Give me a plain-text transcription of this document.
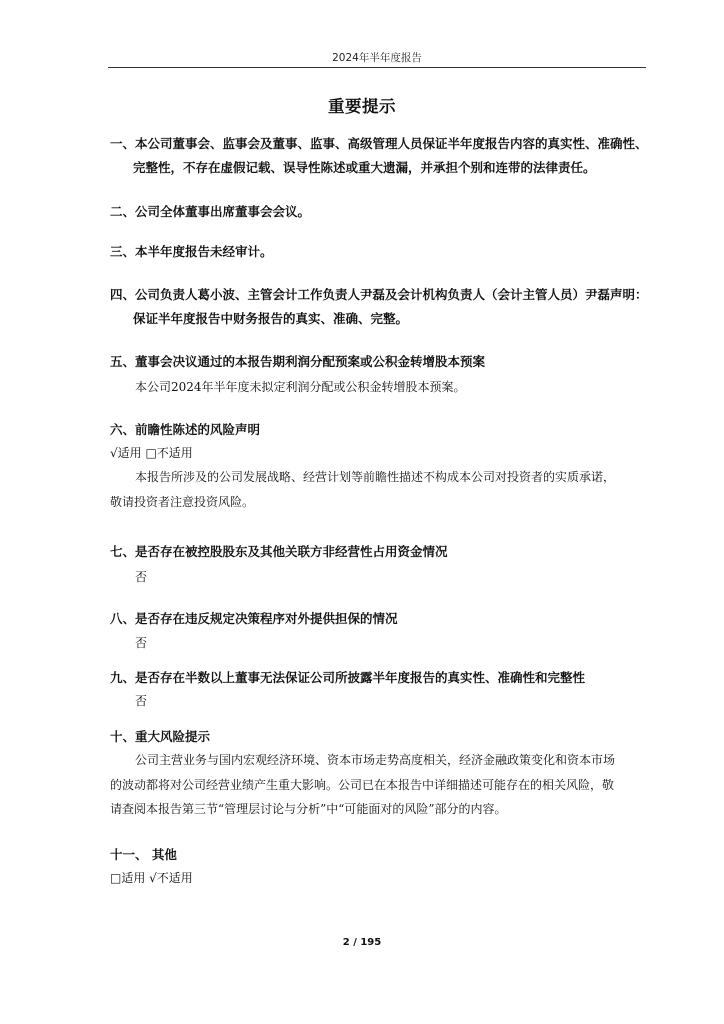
2024年半年度报告
重要提示
一、本公司董事会、监事会及董事、监事、高级管理人员保证半年度报告内容的真实性、准确性、
完整性，不存在虚假记载、误导性陈述或重大遗漏，并承担个别和连带的法律责任。
二、公司全体董事出席董事会会议。
三、本半年度报告未经审计。
四、公司负责人葛小波、主管会计工作负责人尹磊及会计机构负责人（会计主管人员）尹磊声明：
保证半年度报告中财务报告的真实、准确、完整。
五、董事会决议通过的本报告期利润分配预案或公积金转增股本预案
本公司2024年半年度未拟定利润分配或公积金转增股本预案。
六、前瞻性陈述的风险声明
√适用 □不适用
本报告所涉及的公司发展战略、经营计划等前瞻性描述不构成本公司对投资者的实质承诺，
敬请投资者注意投资风险。
七、是否存在被控股股东及其他关联方非经营性占用资金情况
否
八、是否存在违反规定决策程序对外提供担保的情况
否
九、是否存在半数以上董事无法保证公司所披露半年度报告的真实性、准确性和完整性
否
十、重大风险提示
公司主营业务与国内宏观经济环境、资本市场走势高度相关，经济金融政策变化和资本市场
的波动都将对公司经营业绩产生重大影响。公司已在本报告中详细描述可能存在的相关风险，敬
请查阅本报告第三节“管理层讨论与分析”中“可能面对的风险”部分的内容。
十一、 其他
□适用 √不适用
2 / 195
